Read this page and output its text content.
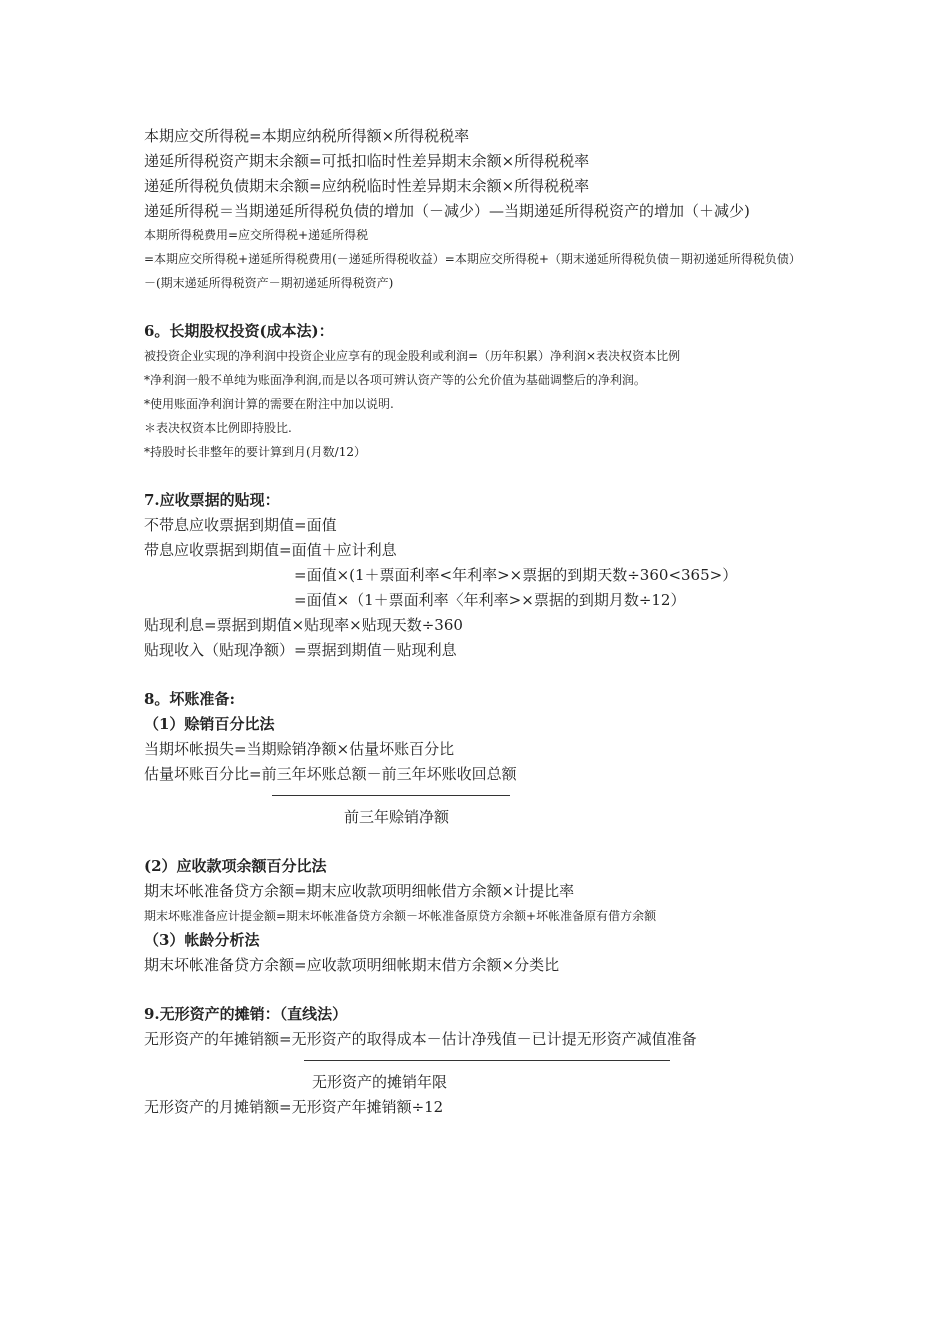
本期应交所得税=本期应纳税所得额×所得税税率
递延所得税资产期末余额=可抵扣临时性差异期末余额×所得税税率
递延所得税负债期末余额=应纳税临时性差异期末余额×所得税税率
递延所得税＝当期递延所得税负债的增加（－减少）—当期递延所得税资产的增加（＋减少)
本期所得税费用=应交所得税+递延所得税
=本期应交所得税+递延所得税费用(－递延所得税收益）=本期应交所得税+（期末递延所得税负债－期初递延所得税负债）－(期末递延所得税资产－期初递延所得税资产)
6。长期股权投资(成本法)：
被投资企业实现的净利润中投资企业应享有的现金股利或利润=（历年积累）净利润×表决权资本比例
*净利润一般不单纯为账面净利润,而是以各项可辨认资产等的公允价值为基础调整后的净利润。
*使用账面净利润计算的需要在附注中加以说明.
＊表决权资本比例即持股比.
*持股时长非整年的要计算到月(月数/12）
7.应收票据的贴现：
不带息应收票据到期值=面值
带息应收票据到期值=面值＋应计利息
=面值×(1＋票面利率<年利率>×票据的到期天数÷360<365>）
=面值×（1＋票面利率〈年利率>×票据的到期月数÷12）
贴现利息=票据到期值×贴现率×贴现天数÷360
贴现收入（贴现净额）=票据到期值－贴现利息
8。坏账准备:
（1）赊销百分比法
当期坏帐损失=当期赊销净额×估量坏账百分比
估量坏账百分比=前三年坏账总额－前三年坏账收回总额
前三年赊销净额
(2）应收款项余额百分比法
期末坏帐准备贷方余额=期末应收款项明细帐借方余额×计提比率
期末坏账准备应计提金额=期末坏帐准备贷方余额－坏帐准备原贷方余额+坏帐准备原有借方余额
（3）帐龄分析法
期末坏帐准备贷方余额=应收款项明细帐期末借方余额×分类比
9.无形资产的摊销：（直线法）
无形资产的年摊销额=无形资产的取得成本－估计净残值－已计提无形资产减值准备
无形资产的摊销年限
无形资产的月摊销额=无形资产年摊销额÷12
